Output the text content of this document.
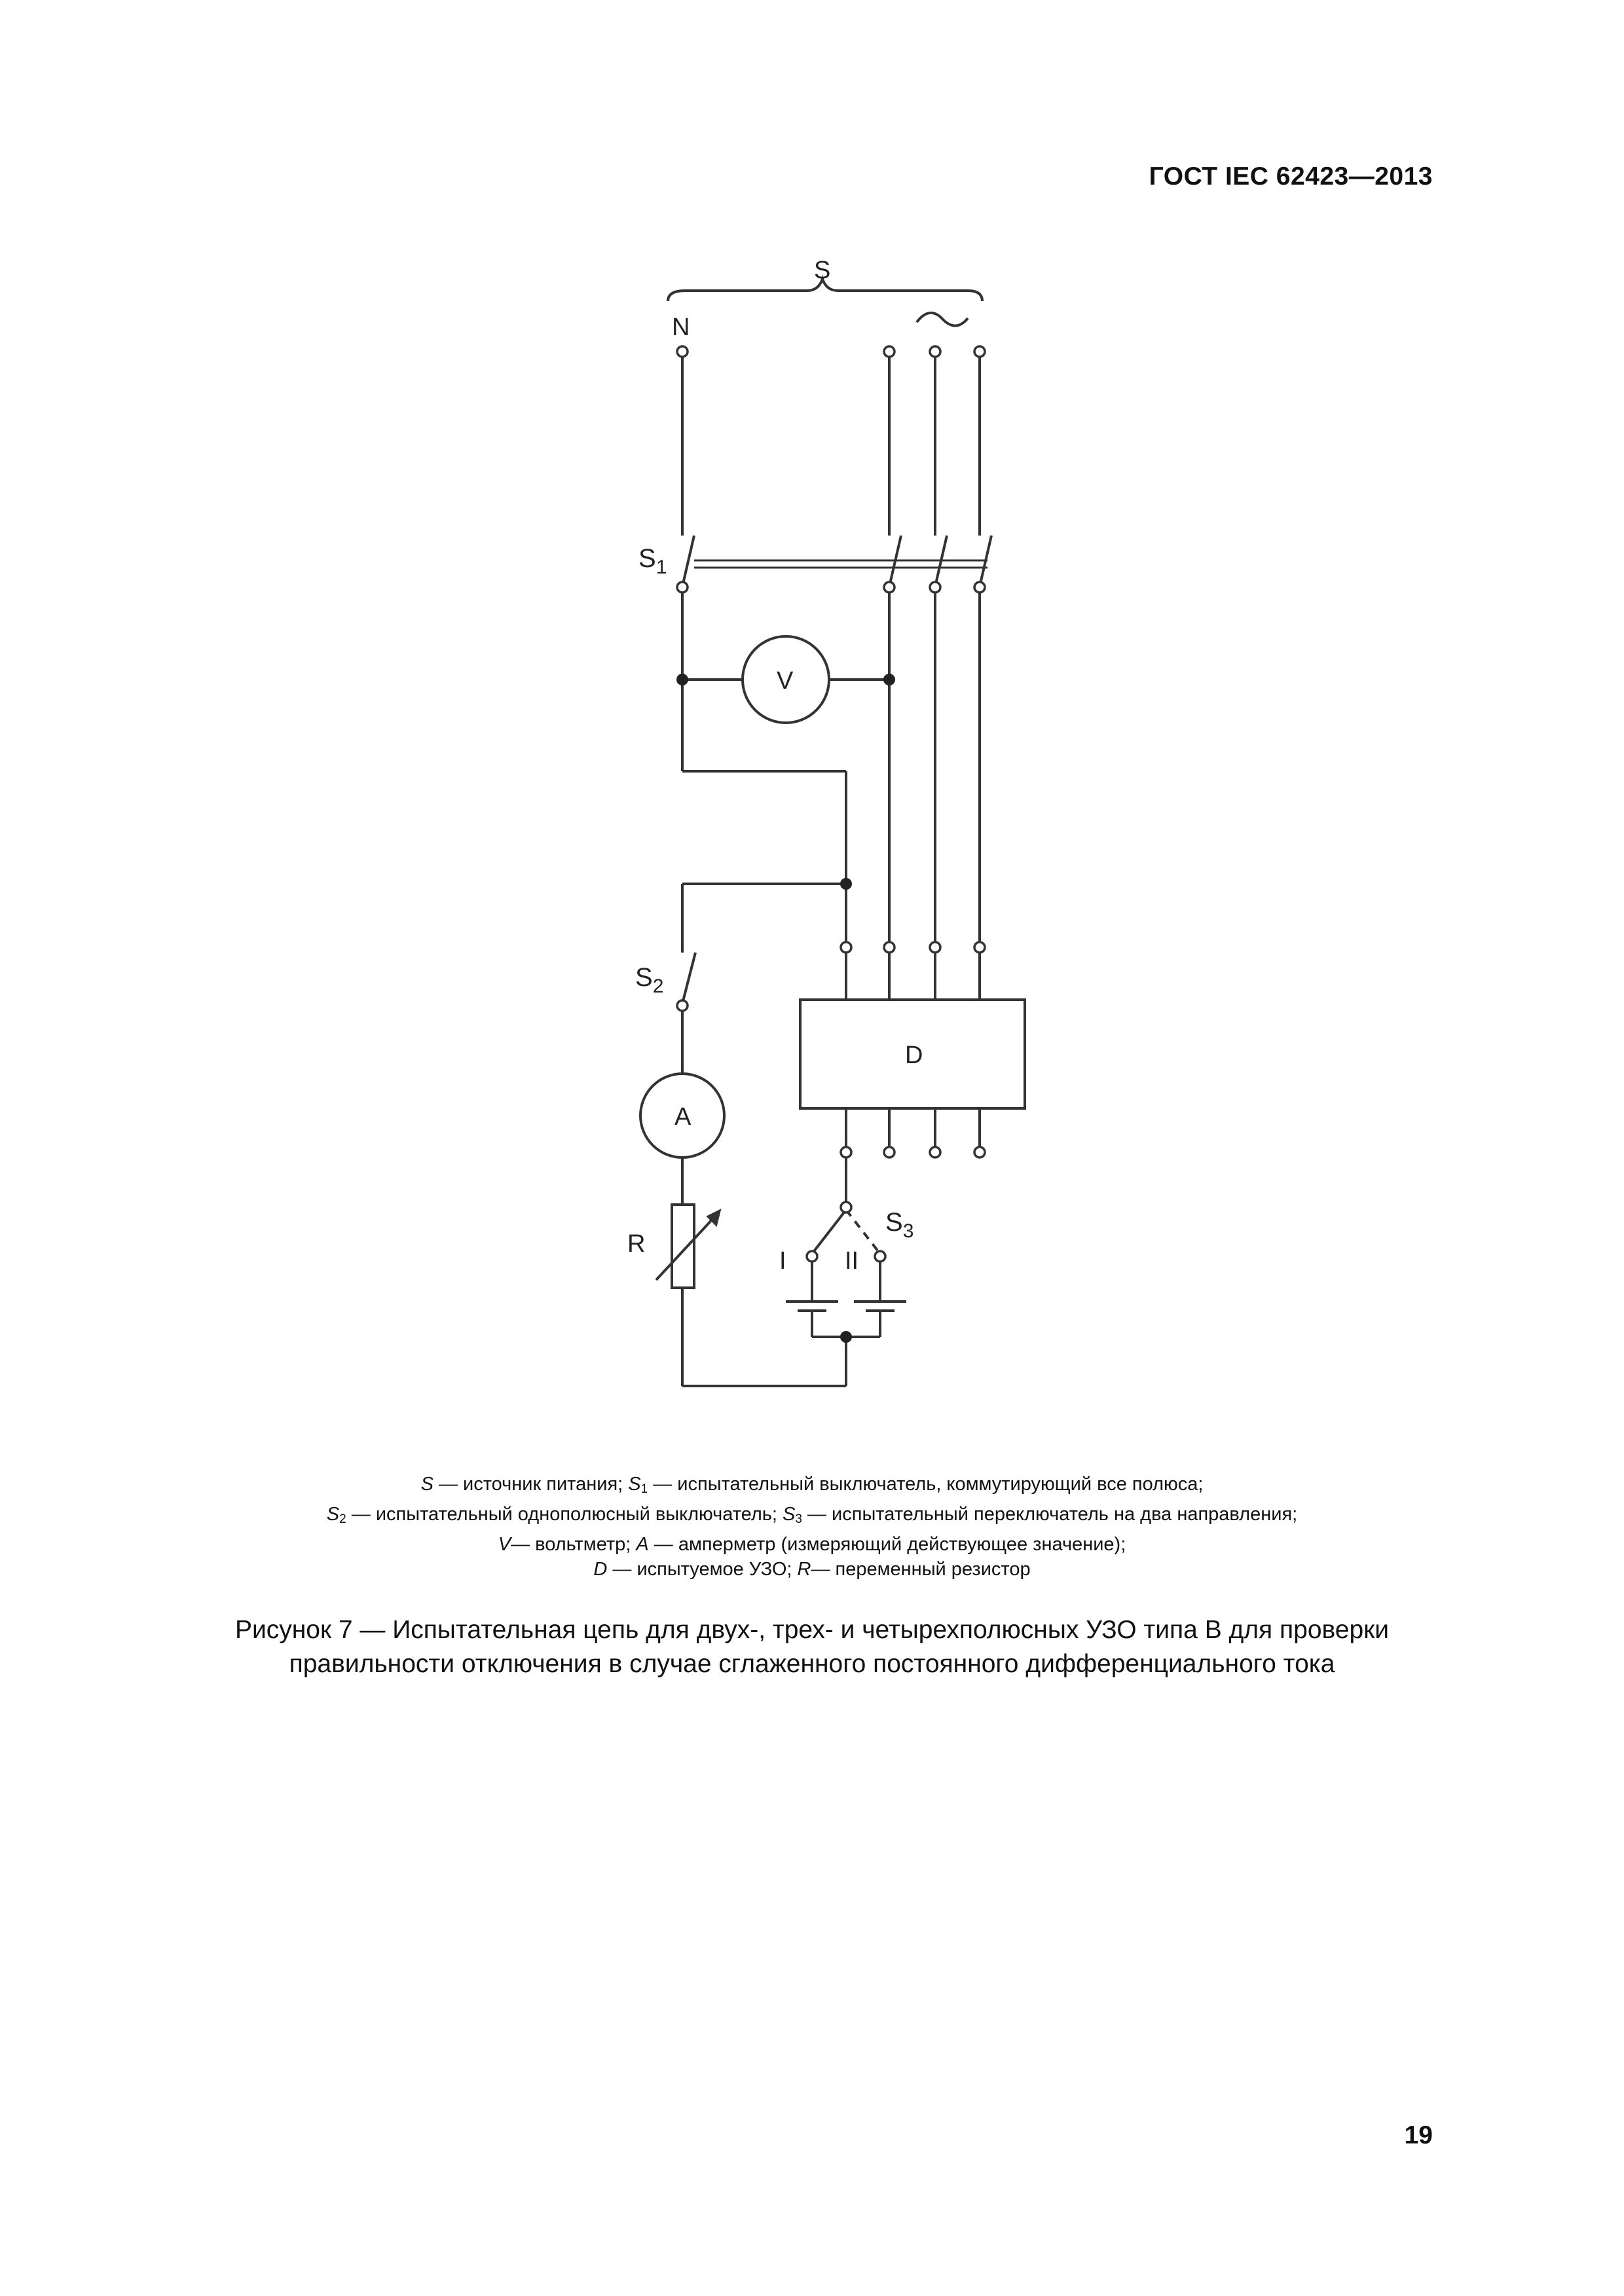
ГОСТ IEC 62423—2013
S
N
$S_1$
V
$S_2$
A
R
D
$S_3$
I II
S — источник питания; $S_1$ — испытательный выключатель, коммутирующий все полюса;
$S_2$ — испытательный однополюсный выключатель; $S_3$ — испытательный переключатель на два направления;
V— вольтметр; A — амперметр (измеряющий действующее значение);
D — испытуемое УЗО; R— переменный резистор
Рисунок 7 — Испытательная цепь для двух-, трех- и четырехполюсных УЗО типа В для проверки
правильности отключения в случае сглаженного постоянного дифференциального тока
19
